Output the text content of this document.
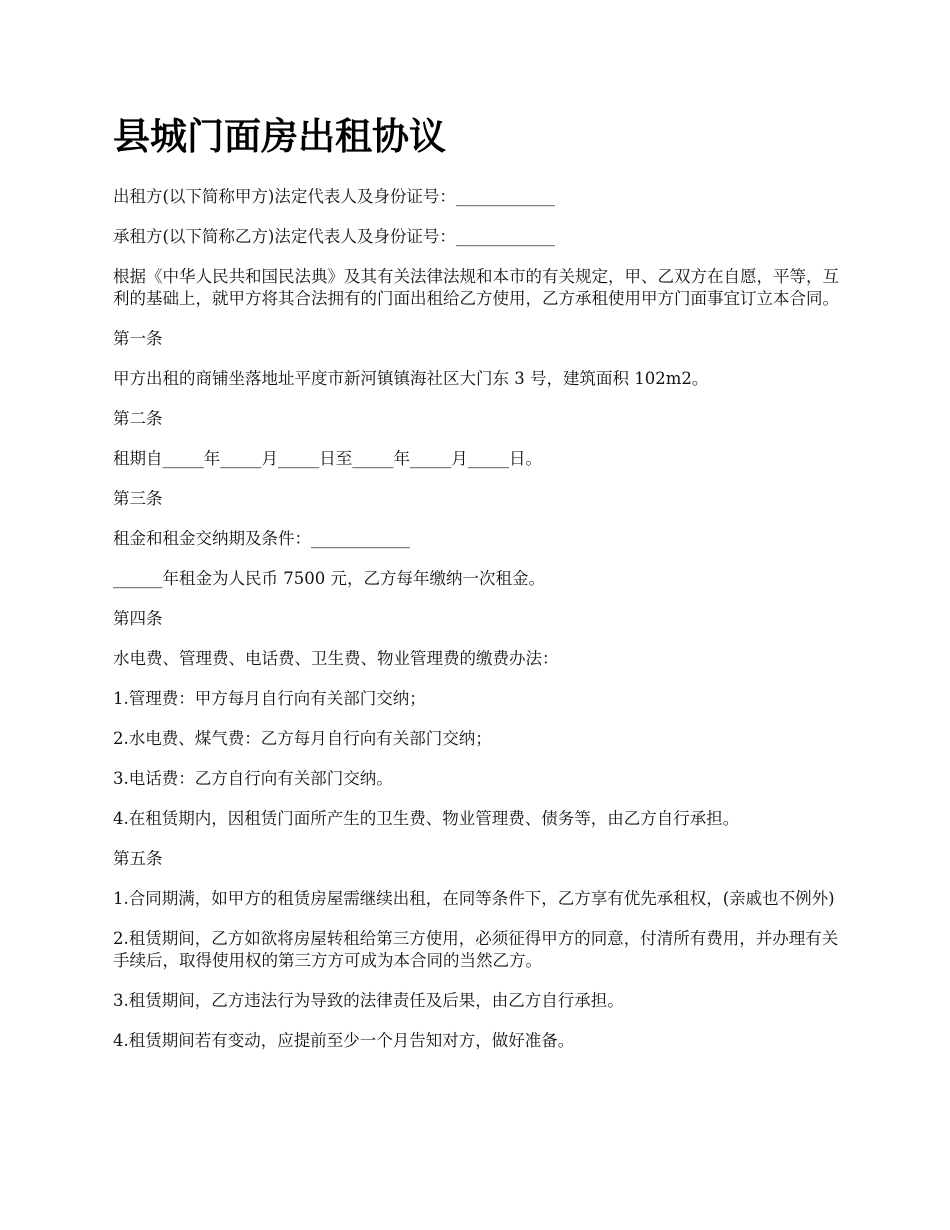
县城门面房出租协议

出租方(以下简称甲方)法定代表人及身份证号：____________

承租方(以下简称乙方)法定代表人及身份证号：____________

根据《中华人民共和国民法典》及其有关法律法规和本市的有关规定，甲、乙双方在自愿，平等，互利的基础上，就甲方将其合法拥有的门面出租给乙方使用，乙方承租使用甲方门面事宜订立本合同。

第一条

甲方出租的商铺坐落地址平度市新河镇镇海社区大门东 3 号，建筑面积 102m2。

第二条

租期自_____年_____月_____日至_____年_____月_____日。

第三条

租金和租金交纳期及条件：____________

______年租金为人民币 7500 元，乙方每年缴纳一次租金。

第四条

水电费、管理费、电话费、卫生费、物业管理费的缴费办法：

1.管理费：甲方每月自行向有关部门交纳；

2.水电费、煤气费：乙方每月自行向有关部门交纳；

3.电话费：乙方自行向有关部门交纳。

4.在租赁期内，因租赁门面所产生的卫生费、物业管理费、债务等，由乙方自行承担。

第五条

1.合同期满，如甲方的租赁房屋需继续出租，在同等条件下，乙方享有优先承租权，(亲戚也不例外)

2.租赁期间，乙方如欲将房屋转租给第三方使用，必须征得甲方的同意，付清所有费用，并办理有关手续后，取得使用权的第三方方可成为本合同的当然乙方。

3.租赁期间，乙方违法行为导致的法律责任及后果，由乙方自行承担。

4.租赁期间若有变动，应提前至少一个月告知对方，做好准备。
